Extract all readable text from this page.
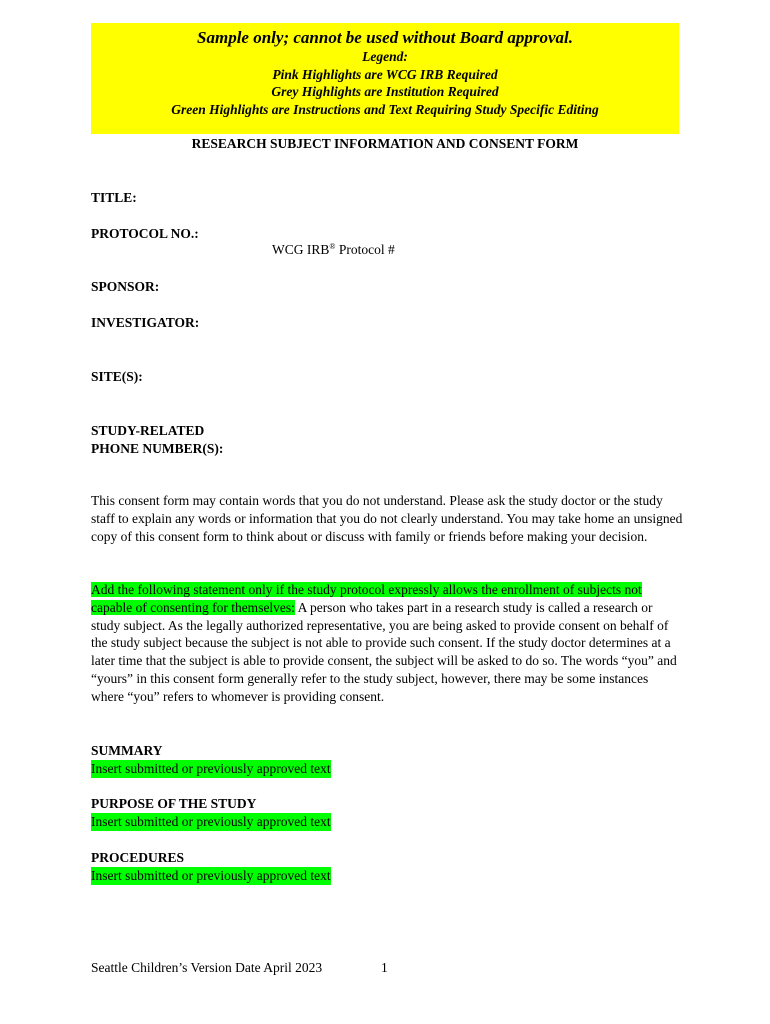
Sample only; cannot be used without Board approval.
Legend:
Pink Highlights are WCG IRB Required
Grey Highlights are Institution Required
Green Highlights are Instructions and Text Requiring Study Specific Editing
RESEARCH SUBJECT INFORMATION AND CONSENT FORM
TITLE:
PROTOCOL NO.:
WCG IRB® Protocol #
SPONSOR:
INVESTIGATOR:
SITE(S):
STUDY-RELATED
PHONE NUMBER(S):
This consent form may contain words that you do not understand. Please ask the study doctor or the study staff to explain any words or information that you do not clearly understand. You may take home an unsigned copy of this consent form to think about or discuss with family or friends before making your decision.
Add the following statement only if the study protocol expressly allows the enrollment of subjects not capable of consenting for themselves: A person who takes part in a research study is called a research or study subject. As the legally authorized representative, you are being asked to provide consent on behalf of the study subject because the subject is not able to provide such consent. If the study doctor determines at a later time that the subject is able to provide consent, the subject will be asked to do so. The words “you” and “yours” in this consent form generally refer to the study subject, however, there may be some instances where “you” refers to whomever is providing consent.
SUMMARY
Insert submitted or previously approved text
PURPOSE OF THE STUDY
Insert submitted or previously approved text
PROCEDURES
Insert submitted or previously approved text
Seattle Children’s Version Date April 2023	1
